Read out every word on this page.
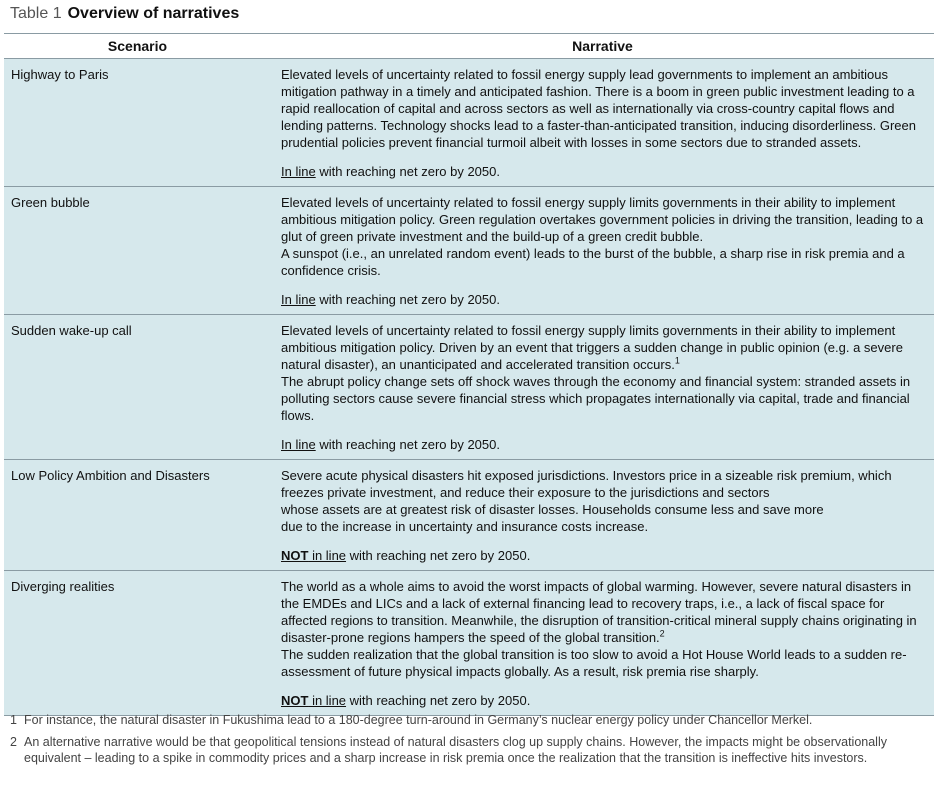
Table 1 Overview of narratives
Scenario	Narrative
Highway to Paris	Elevated levels of uncertainty related to fossil energy supply lead governments to implement an ambitious mitigation pathway in a timely and anticipated fashion. There is a boom in green public investment leading to a rapid reallocation of capital and across sectors as well as internationally via cross-country capital flows and lending patterns. Technology shocks lead to a faster-than-anticipated transition, inducing disorderliness. Green prudential policies prevent financial turmoil albeit with losses in some sectors due to stranded assets.
In line with reaching net zero by 2050.

Green bubble	Elevated levels of uncertainty related to fossil energy supply limits governments in their ability to implement ambitious mitigation policy. Green regulation overtakes government policies in driving the transition, leading to a glut of green private investment and the build-up of a green credit bubble.
A sunspot (i.e., an unrelated random event) leads to the burst of the bubble, a sharp rise in risk premia and a confidence crisis.
In line with reaching net zero by 2050.

Sudden wake-up call	Elevated levels of uncertainty related to fossil energy supply limits governments in their ability to implement ambitious mitigation policy. Driven by an event that triggers a sudden change in public opinion (e.g. a severe natural disaster), an unanticipated and accelerated transition occurs.$^1$
The abrupt policy change sets off shock waves through the economy and financial system: stranded assets in polluting sectors cause severe financial stress which propagates internationally via capital, trade and financial flows.
In line with reaching net zero by 2050.

Low Policy Ambition and Disasters	Severe acute physical disasters hit exposed jurisdictions. Investors price in a sizeable risk premium, which freezes private investment, and reduce their exposure to the jurisdictions and sectors
whose assets are at greatest risk of disaster losses. Households consume less and save more
due to the increase in uncertainty and insurance costs increase.
NOT in line with reaching net zero by 2050.

Diverging realities	The world as a whole aims to avoid the worst impacts of global warming. However, severe natural disasters in the EMDEs and LICs and a lack of external financing lead to recovery traps, i.e., a lack of fiscal space for affected regions to transition. Meanwhile, the disruption of transition-critical mineral supply chains originating in disaster-prone regions hampers the speed of the global transition.$^2$
The sudden realization that the global transition is too slow to avoid a Hot House World leads to a sudden re-assessment of future physical impacts globally. As a result, risk premia rise sharply.
NOT in line with reaching net zero by 2050.
1 For instance, the natural disaster in Fukushima lead to a 180-degree turn-around in Germany’s nuclear energy policy under Chancellor Merkel.
2 An alternative narrative would be that geopolitical tensions instead of natural disasters clog up supply chains. However, the impacts might be observationally equivalent – leading to a spike in commodity prices and a sharp increase in risk premia once the realization that the transition is ineffective hits investors.
